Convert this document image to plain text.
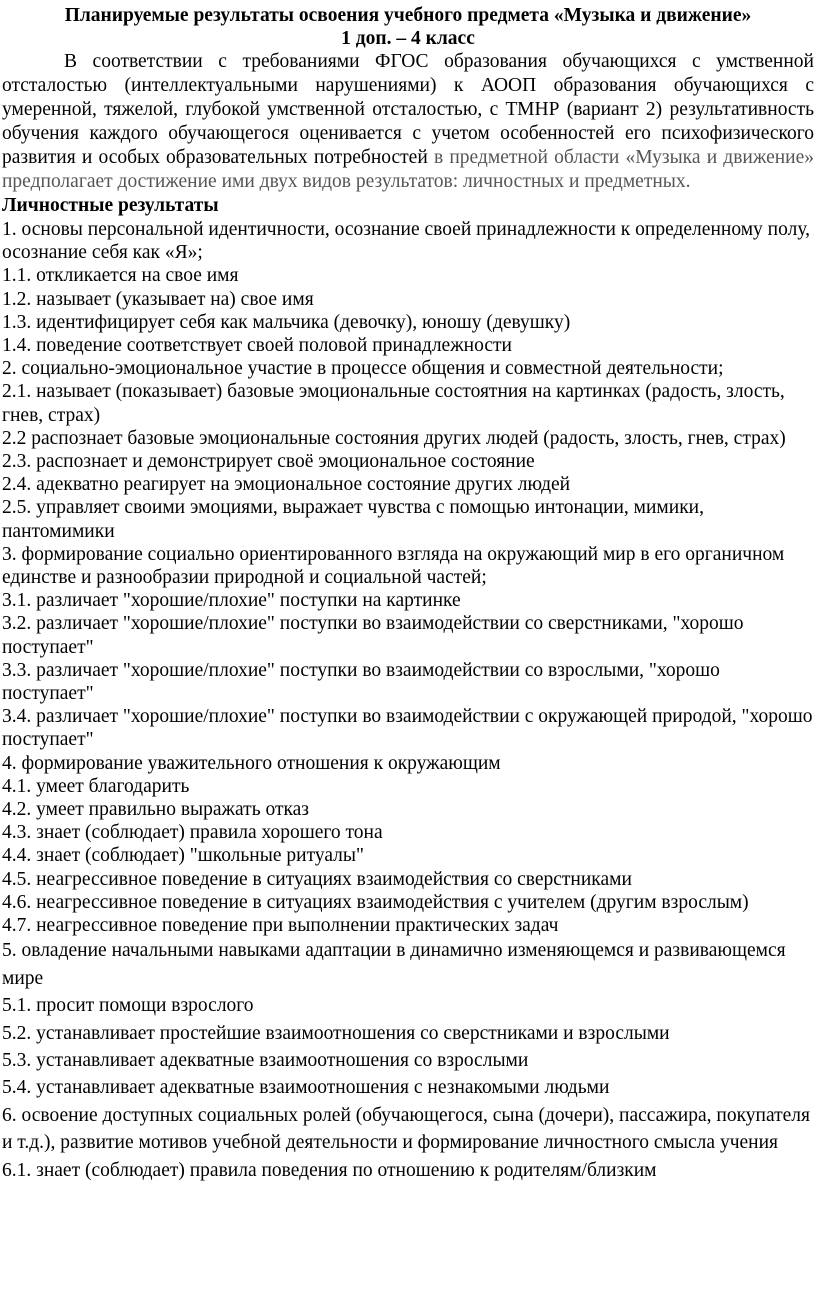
Планируемые результаты освоения учебного предмета «Музыка и движение»
1 доп. – 4 класс

В соответствии с требованиями ФГОС образования обучающихся с умственной отсталостью (интеллектуальными нарушениями) к АООП образования обучающихся с умеренной, тяжелой, глубокой умственной отсталостью, с ТМНР (вариант 2) результативность обучения каждого обучающегося оценивается с учетом особенностей его психофизического развития и особых образовательных потребностей в предметной области «Музыка и движение» предполагает достижение ими двух видов результатов: личностных и предметных.

Личностные результаты
1. основы персональной идентичности, осознание своей принадлежности к определенному полу, осознание себя как «Я»;
1.1. откликается на свое имя
1.2. называет (указывает на) свое имя
1.3. идентифицирует себя как мальчика (девочку), юношу (девушку)
1.4. поведение соответствует своей половой принадлежности
2. социально-эмоциональное участие в процессе общения и совместной деятельности;
2.1. называет (показывает) базовые эмоциональные состоятния на картинках (радость, злость, гнев, страх)
2.2 распознает базовые эмоциональные состояния других людей (радость, злость, гнев, страх)
2.3. распознает и демонстрирует своё эмоциональное состояние
2.4. адекватно реагирует на эмоциональное состояние других людей
2.5. управляет своими эмоциями, выражает чувства с помощью интонации, мимики, пантомимики
3. формирование социально ориентированного взгляда на окружающий мир в его органичном единстве и разнообразии природной и социальной частей;
3.1. различает "хорошие/плохие" поступки на картинке
3.2. различает "хорошие/плохие" поступки во взаимодействии со сверстниками, "хорошо поступает"
3.3. различает "хорошие/плохие" поступки во взаимодействии со взрослыми, "хорошо поступает"
3.4. различает "хорошие/плохие" поступки во взаимодействии с окружающей природой, "хорошо поступает"
4. формирование уважительного отношения к окружающим
4.1. умеет благодарить
4.2. умеет правильно выражать отказ
4.3. знает (соблюдает) правила хорошего тона
4.4. знает (соблюдает) "школьные ритуалы"
4.5. неагрессивное поведение в ситуациях взаимодействия со сверстниками
4.6. неагрессивное поведение в ситуациях взаимодействия с учителем (другим взрослым)
4.7. неагрессивное поведение при выполнении практических задач
5. овладение начальными навыками адаптации в динамично изменяющемся и развивающемся мире
5.1. просит помощи взрослого
5.2. устанавливает простейшие взаимоотношения со сверстниками и взрослыми
5.3. устанавливает адекватные взаимоотношения со взрослыми
5.4. устанавливает адекватные взаимоотношения с незнакомыми людьми
6. освоение доступных социальных ролей (обучающегося, сына (дочери), пассажира, покупателя и т.д.), развитие мотивов учебной деятельности и формирование личностного смысла учения
6.1. знает (соблюдает) правила поведения по отношению к родителям/близким
